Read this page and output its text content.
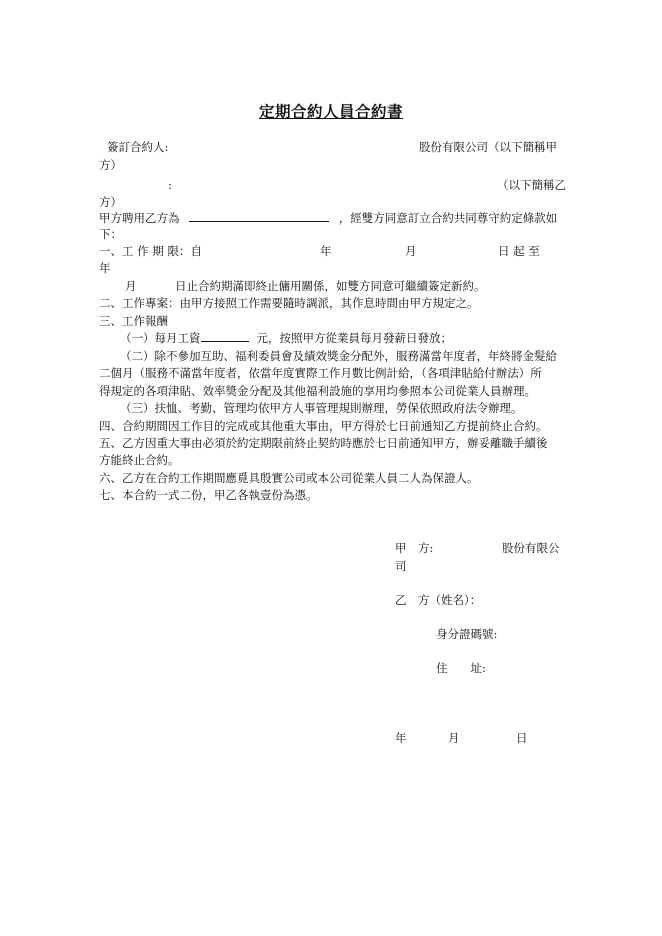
定期合約人員合約書
簽訂合約人:	股份有限公司（以下簡稱甲
方）
:	（以下簡稱乙
方）
甲方聘用乙方為	，經雙方同意訂立合約共同尊守約定條款如
下：
一、工 作 期 限：自	年	月	日 起 至
年
月	日止合約期滿即終止傭用關係，如雙方同意可繼續簽定新約。
二、工作專案：由甲方接照工作需要隨時調派，其作息時間由甲方規定之。
三、工作報酬
（一）每月工資	元，按照甲方從業員每月發薪日發放；
（二）除不參加互助、福利委員會及績效獎金分配外，服務滿當年度者，年終將金髮給
二個月（服務不滿當年度者，依當年度實際工作月數比例計給，（各項津貼給付辦法）所
得規定的各項津貼、效率獎金分配及其他福利設施的享用均參照本公司從業人員辦理。
（三）扶恤、考勤、管理均依甲方人事管理規則辦理，勞保依照政府法令辦理。
四、合約期間因工作目的完成或其他重大事由，甲方得於七日前通知乙方提前終止合約。
五、乙方因重大事由必須於約定期限前終止契約時應於七日前通知甲方，辦妥離職手續後
方能終止合約。
六、乙方在合約工作期間應覓具殷實公司或本公司從業人員二人為保證人。
七、本合約一式二份，甲乙各執壹份為憑。
甲　方:	股份有限公
司
乙　方（姓名）：
身分證碼號:
住　　址:
年	月	日
